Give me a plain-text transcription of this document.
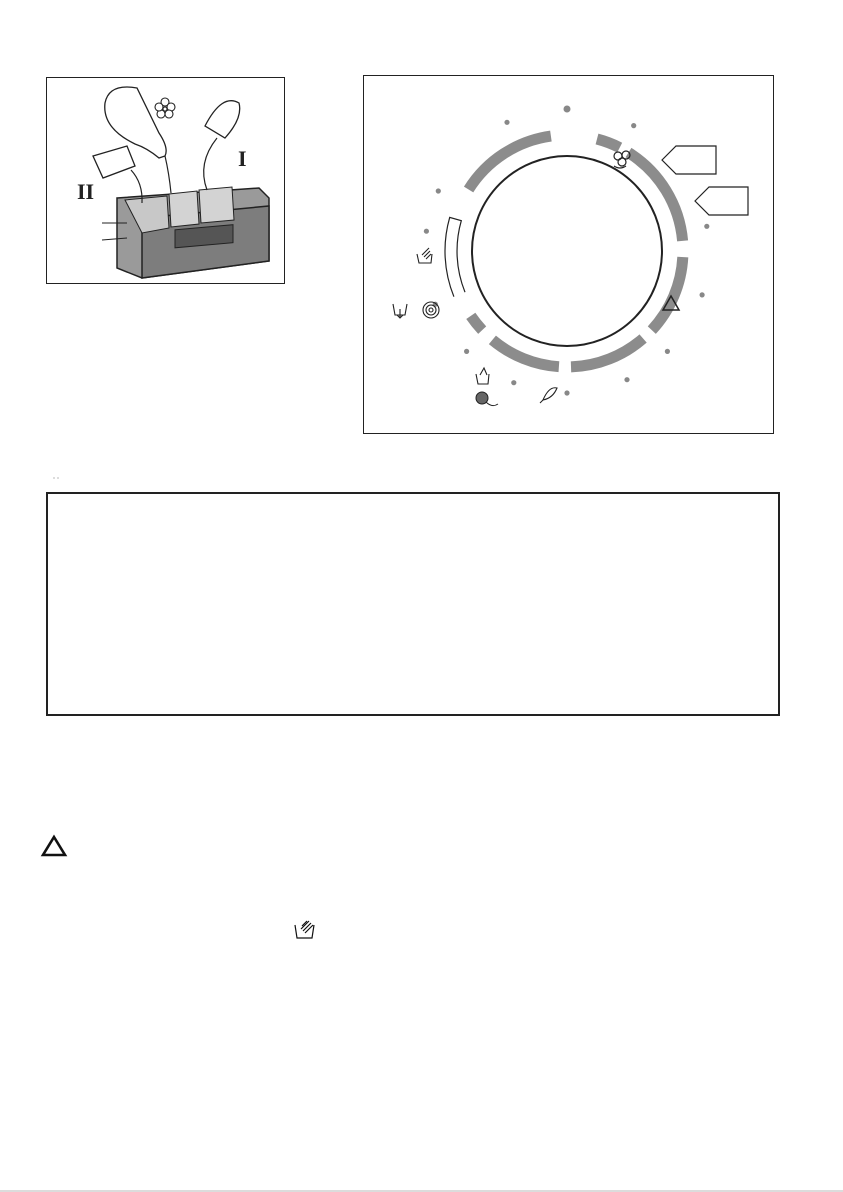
I
II
